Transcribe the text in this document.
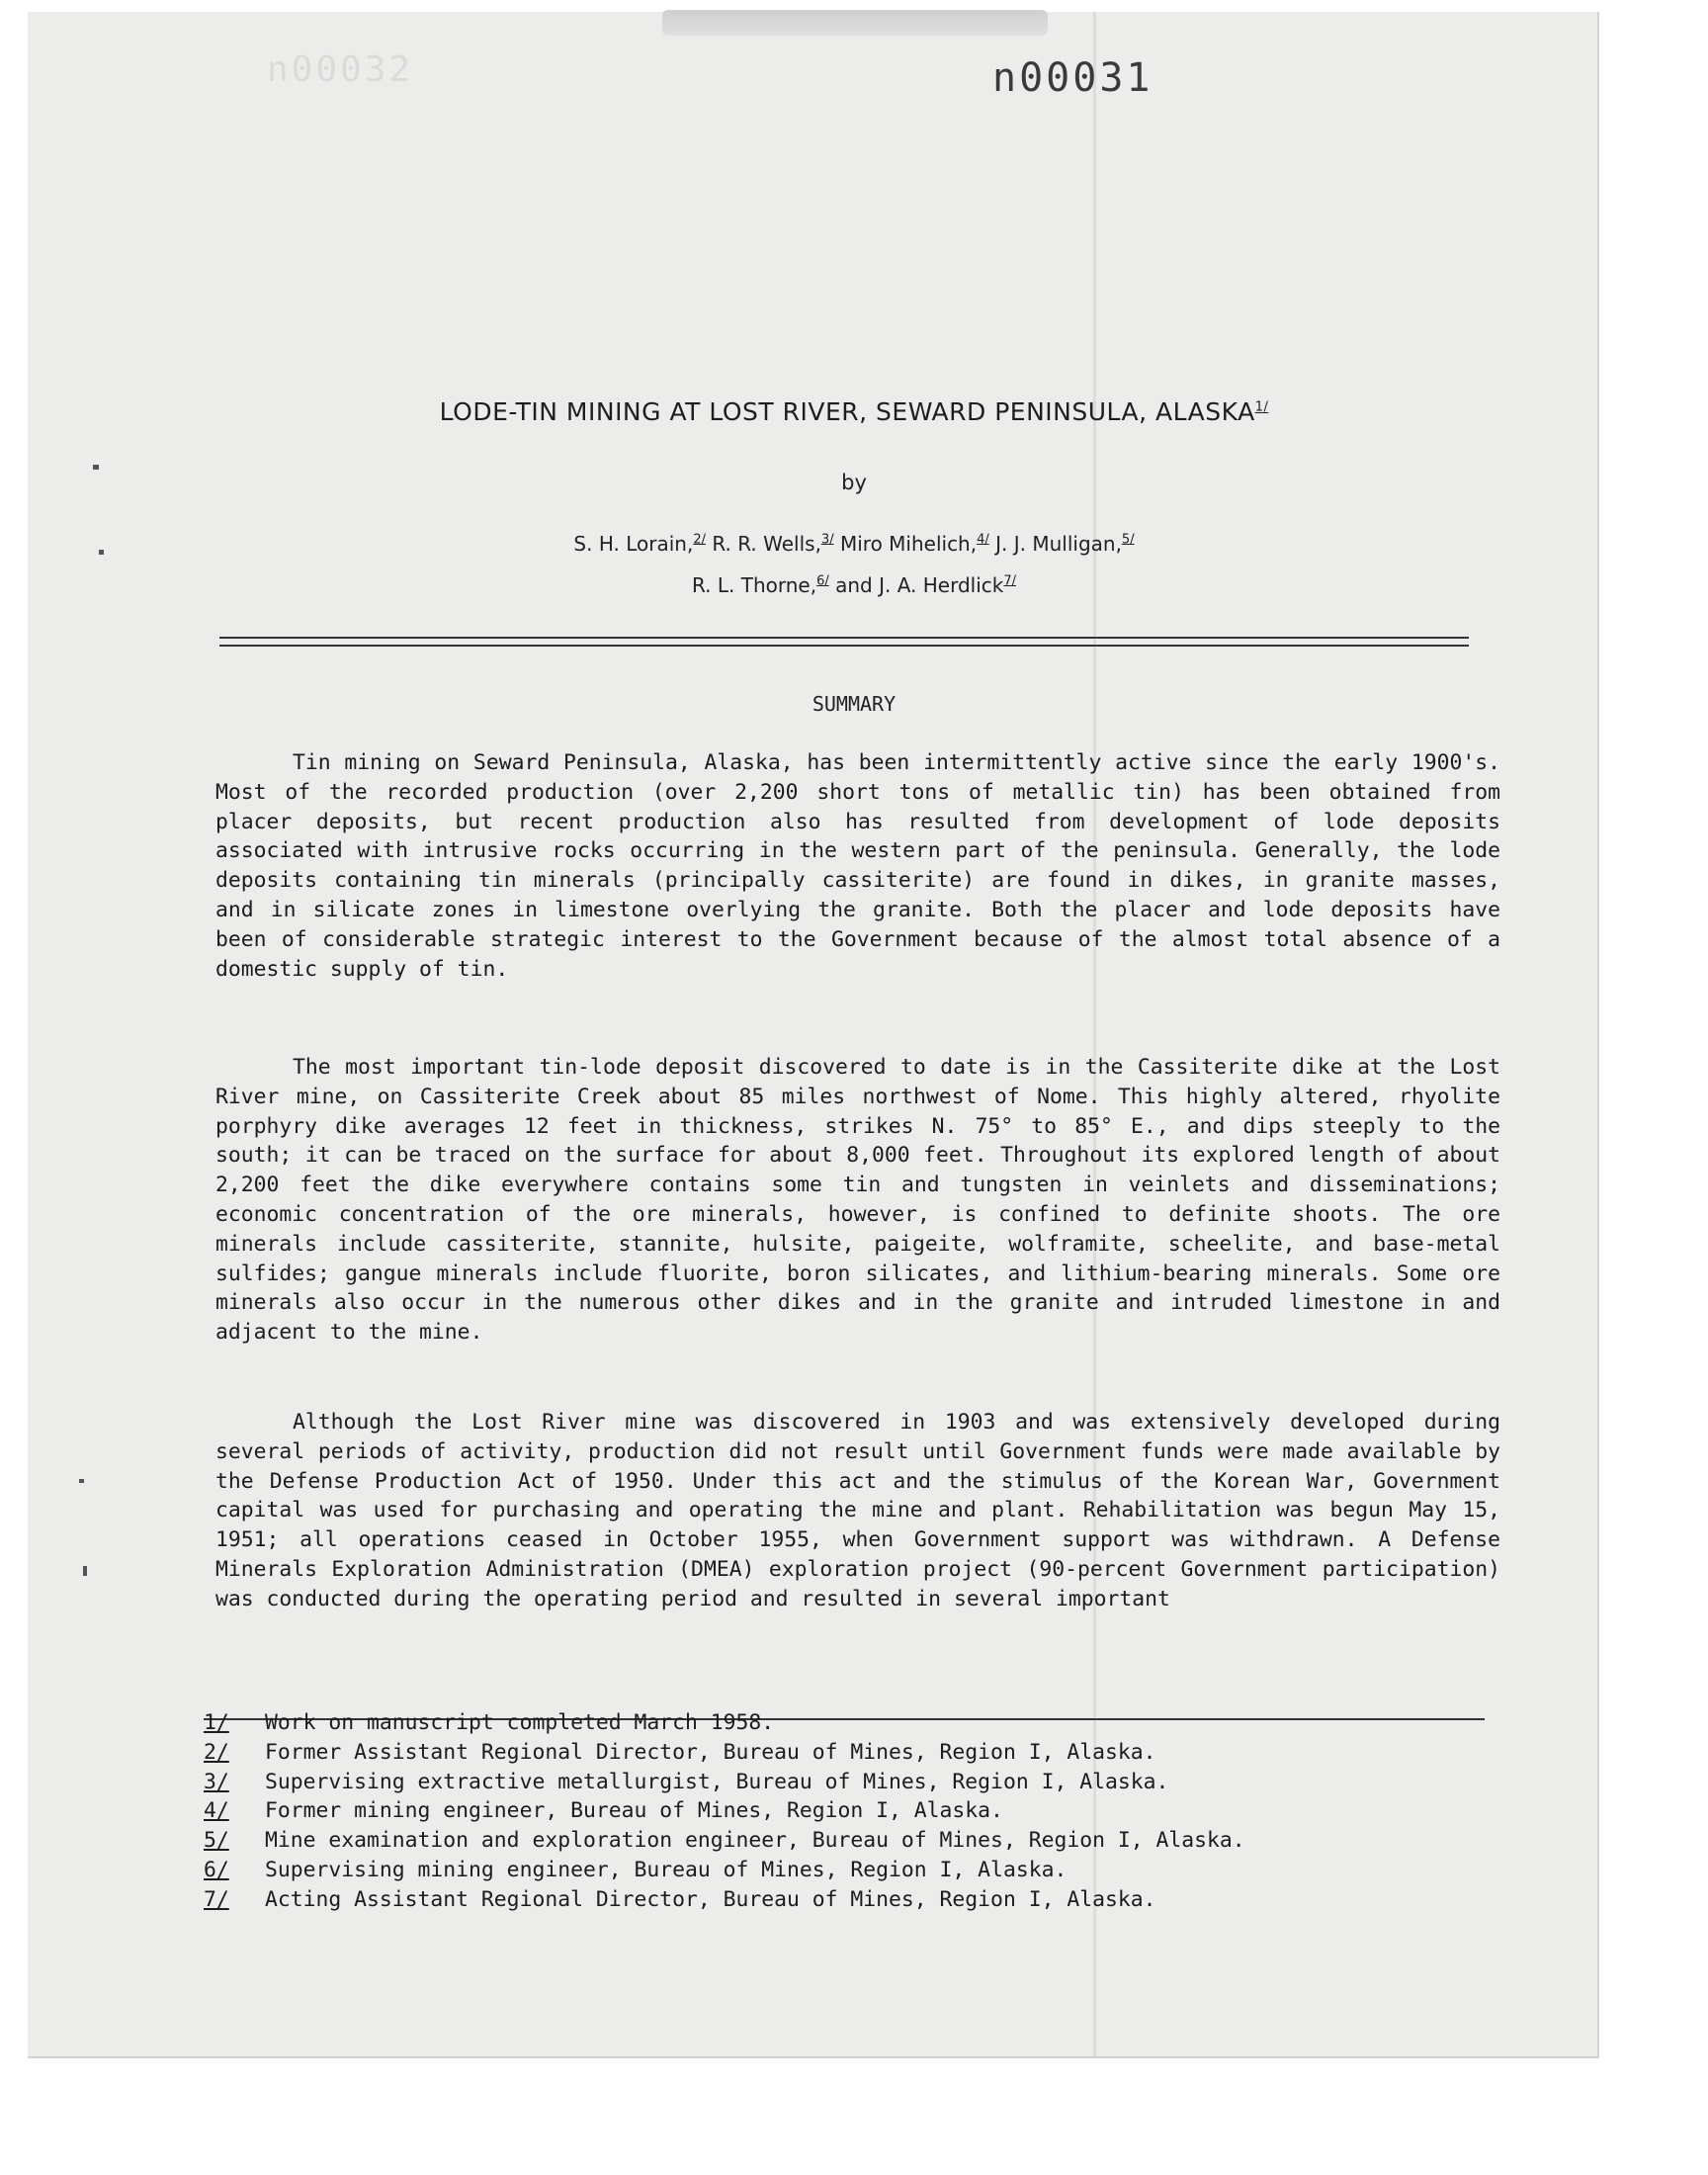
n00032	n00031
LODE-TIN MINING AT LOST RIVER, SEWARD PENINSULA, $ALASKA^{1/}$
by
S. H. Lorain,$^{2/}$ R. R. Wells,$^{3/}$ Miro Mihelich,$^{4/}$ J. J. Mulligan,$^{5/}$
R. L. Thorne,$^{6/}$ and J. A. Herdlick$^{7/}$
SUMMARY

Tin mining on Seward Peninsula, Alaska, has been intermittently active since the early 1900's. Most of the recorded production (over 2,200 short tons of metallic tin) has been obtained from placer deposits, but recent production also has resulted from development of lode deposits associated with intrusive rocks occurring in the western part of the peninsula. Generally, the lode deposits containing tin minerals (principally cassiterite) are found in dikes, in granite masses, and in silicate zones in limestone overlying the granite. Both the placer and lode deposits have been of considerable strategic interest to the Government because of the almost total absence of a domestic supply of tin.

The most important tin-lode deposit discovered to date is in the Cassiterite dike at the Lost River mine, on Cassiterite Creek about 85 miles northwest of Nome. This highly altered, rhyolite porphyry dike averages 12 feet in thickness, strikes N. 75° to 85° E., and dips steeply to the south; it can be traced on the surface for about 8,000 feet. Throughout its explored length of about 2,200 feet the dike everywhere contains some tin and tungsten in veinlets and disseminations; economic concentration of the ore minerals, however, is confined to definite shoots. The ore minerals include cassiterite, stannite, hulsite, paigeite, wolframite, scheelite, and base-metal sulfides; gangue minerals include fluorite, boron silicates, and lithium-bearing minerals. Some ore minerals also occur in the numerous other dikes and in the granite and intruded limestone in and adjacent to the mine.

Although the Lost River mine was discovered in 1903 and was extensively developed during several periods of activity, production did not result until Government funds were made available by the Defense Production Act of 1950. Under this act and the stimulus of the Korean War, Government capital was used for purchasing and operating the mine and plant. Rehabilitation was begun May 15, 1951; all operations ceased in October 1955, when Government support was withdrawn. A Defense Minerals Exploration Administration (DMEA) exploration project (90-percent Government participation) was conducted during the operating period and resulted in several important

1/ Work on manuscript completed March 1958.
2/ Former Assistant Regional Director, Bureau of Mines, Region I, Alaska.
3/ Supervising extractive metallurgist, Bureau of Mines, Region I, Alaska.
4/ Former mining engineer, Bureau of Mines, Region I, Alaska.
5/ Mine examination and exploration engineer, Bureau of Mines, Region I, Alaska.
6/ Supervising mining engineer, Bureau of Mines, Region I, Alaska.
7/ Acting Assistant Regional Director, Bureau of Mines, Region I, Alaska.
